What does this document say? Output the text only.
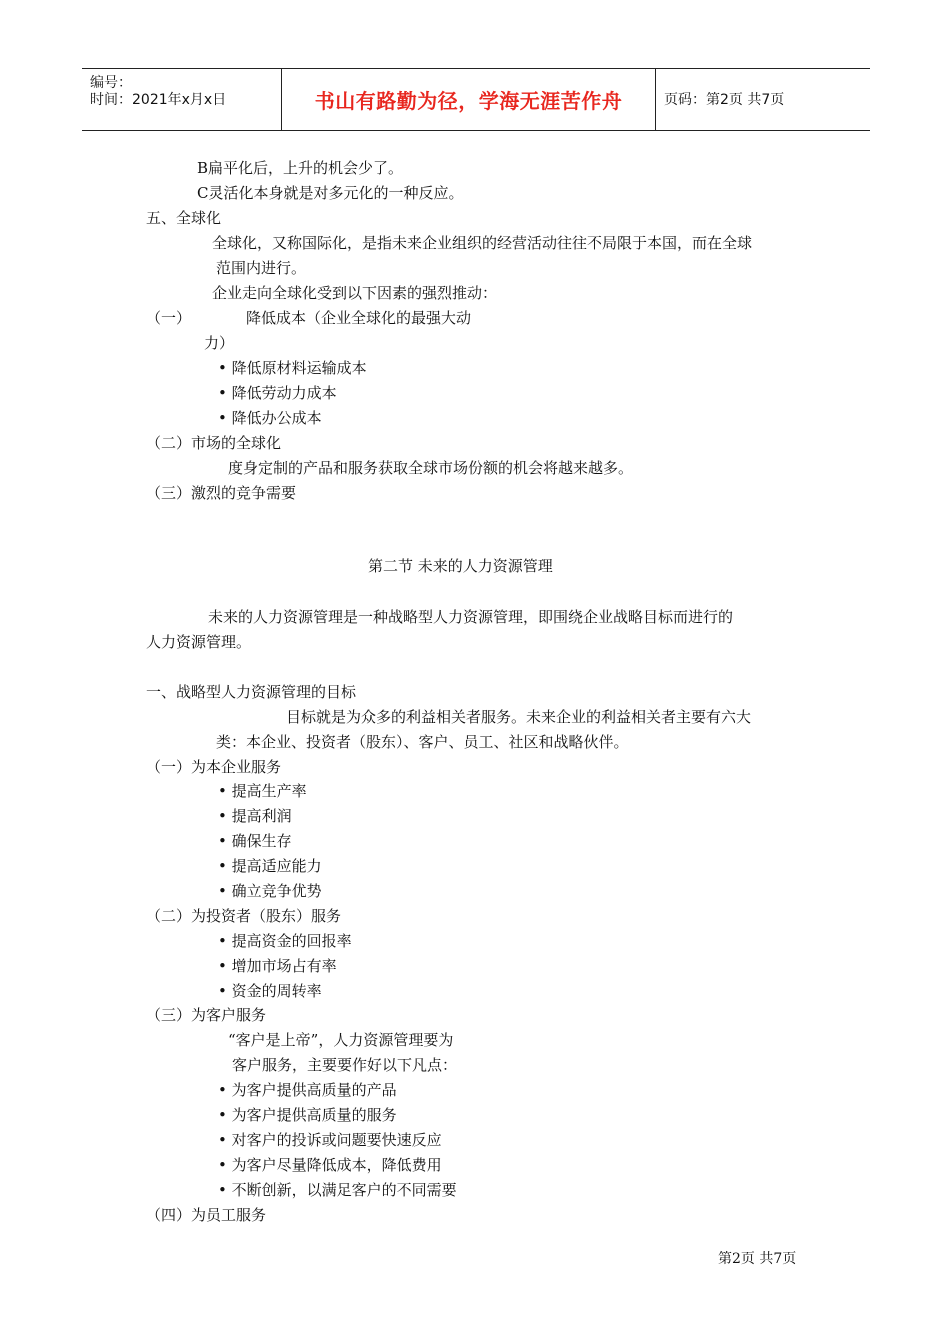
编号：
时间：2021年x月x日	书山有路勤为径，学海无涯苦作舟	页码：第2页 共7页
B扁平化后，上升的机会少了。
C灵活化本身就是对多元化的一种反应。
五、全球化
全球化，又称国际化，是指未来企业组织的经营活动往往不局限于本国，而在全球
范围内进行。
企业走向全球化受到以下因素的强烈推动：
（一）	降低成本（企业全球化的最强大动
力）
• 降低原材料运输成本
• 降低劳动力成本
• 降低办公成本
（二）市场的全球化
度身定制的产品和服务获取全球市场份额的机会将越来越多。
（三）激烈的竞争需要
第二节 未来的人力资源管理
未来的人力资源管理是一种战略型人力资源管理，即围绕企业战略目标而进行的
人力资源管理。
一、战略型人力资源管理的目标
目标就是为众多的利益相关者服务。未来企业的利益相关者主要有六大
类：本企业、投资者（股东）、客户、员工、社区和战略伙伴。
（一）为本企业服务
• 提高生产率
• 提高利润
• 确保生存
• 提高适应能力
• 确立竞争优势
（二）为投资者（股东）服务
• 提高资金的回报率
• 增加市场占有率
• 资金的周转率
（三）为客户服务
“客户是上帝”，人力资源管理要为
客户服务，主要要作好以下凡点：
• 为客户提供高质量的产品
• 为客户提供高质量的服务
• 对客户的投诉或问题要快速反应
• 为客户尽量降低成本，降低费用
• 不断创新，以满足客户的不同需要
（四）为员工服务
第2页 共7页
